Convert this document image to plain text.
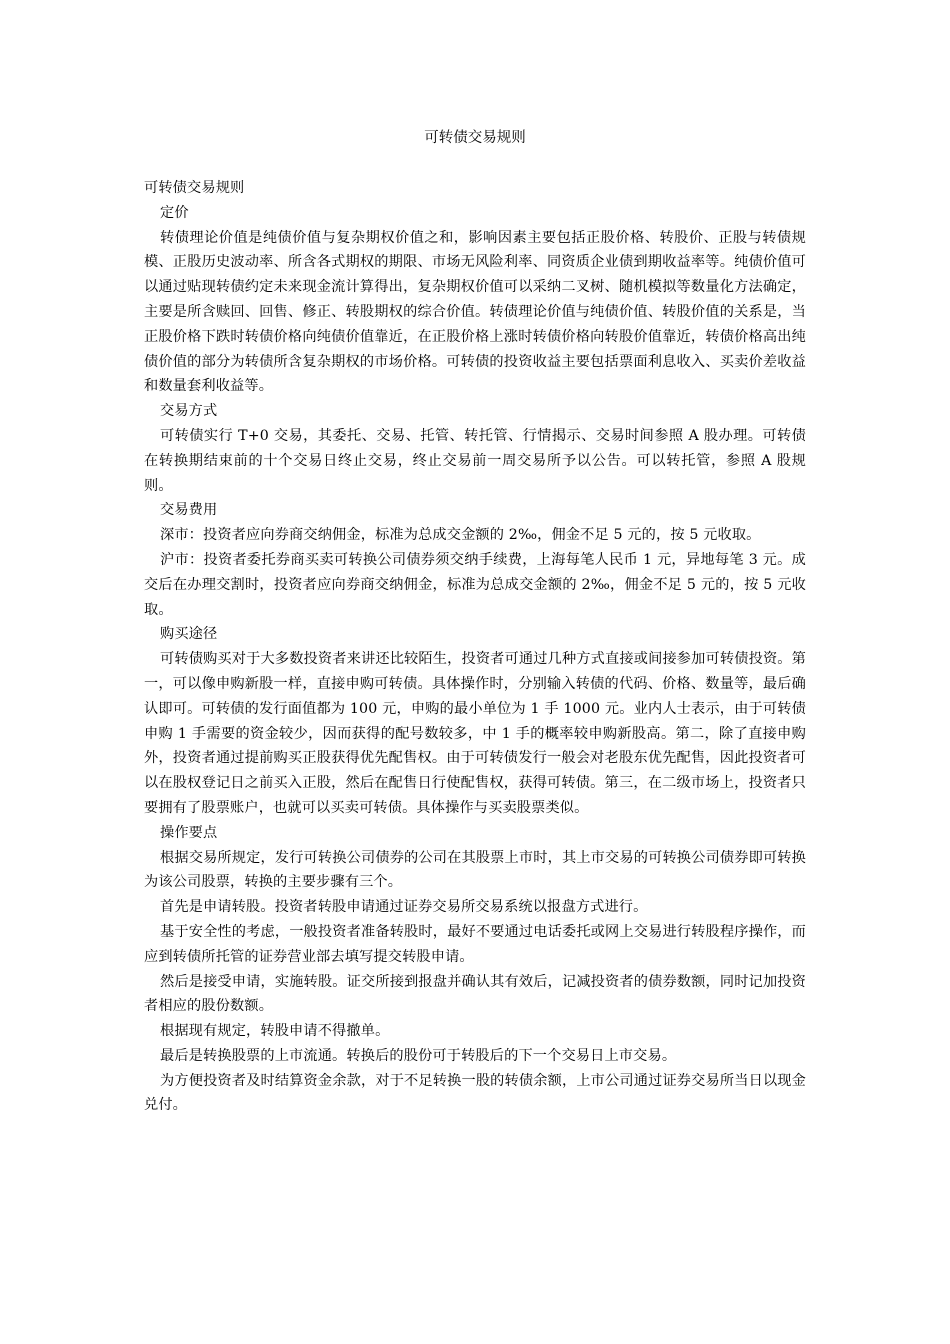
可转债交易规则

可转债交易规则

定价

转债理论价值是纯债价值与复杂期权价值之和，影响因素主要包括正股价格、转股价、正股与转债规模、正股历史波动率、所含各式期权的期限、市场无风险利率、同资质企业债到期收益率等。纯债价值可以通过贴现转债约定未来现金流计算得出，复杂期权价值可以采纳二叉树、随机模拟等数量化方法确定，主要是所含赎回、回售、修正、转股期权的综合价值。转债理论价值与纯债价值、转股价值的关系是，当正股价格下跌时转债价格向纯债价值靠近，在正股价格上涨时转债价格向转股价值靠近，转债价格高出纯债价值的部分为转债所含复杂期权的市场价格。可转债的投资收益主要包括票面利息收入、买卖价差收益和数量套利收益等。

交易方式

可转债实行 T+0 交易，其委托、交易、托管、转托管、行情揭示、交易时间参照 A 股办理。可转债在转换期结束前的十个交易日终止交易，终止交易前一周交易所予以公告。可以转托管，参照 A 股规则。

交易费用

深市：投资者应向券商交纳佣金，标准为总成交金额的 2‰，佣金不足 5 元的，按 5 元收取。

沪市：投资者委托券商买卖可转换公司债券须交纳手续费，上海每笔人民币 1 元，异地每笔 3 元。成交后在办理交割时，投资者应向券商交纳佣金，标准为总成交金额的 2‰，佣金不足 5 元的，按 5 元收取。

购买途径

可转债购买对于大多数投资者来讲还比较陌生，投资者可通过几种方式直接或间接参加可转债投资。第一，可以像申购新股一样，直接申购可转债。具体操作时，分别输入转债的代码、价格、数量等，最后确认即可。可转债的发行面值都为 100 元，申购的最小单位为 1 手 1000 元。业内人士表示，由于可转债申购 1 手需要的资金较少，因而获得的配号数较多，中 1 手的概率较申购新股高。第二，除了直接申购外，投资者通过提前购买正股获得优先配售权。由于可转债发行一般会对老股东优先配售，因此投资者可以在股权登记日之前买入正股，然后在配售日行使配售权，获得可转债。第三，在二级市场上，投资者只要拥有了股票账户，也就可以买卖可转债。具体操作与买卖股票类似。

操作要点

根据交易所规定，发行可转换公司债券的公司在其股票上市时，其上市交易的可转换公司债券即可转换为该公司股票，转换的主要步骤有三个。

首先是申请转股。投资者转股申请通过证券交易所交易系统以报盘方式进行。

基于安全性的考虑，一般投资者准备转股时，最好不要通过电话委托或网上交易进行转股程序操作，而应到转债所托管的证券营业部去填写提交转股申请。

然后是接受申请，实施转股。证交所接到报盘并确认其有效后，记减投资者的债券数额，同时记加投资者相应的股份数额。

根据现有规定，转股申请不得撤单。

最后是转换股票的上市流通。转换后的股份可于转股后的下一个交易日上市交易。

为方便投资者及时结算资金余款，对于不足转换一股的转债余额，上市公司通过证券交易所当日以现金兑付。
